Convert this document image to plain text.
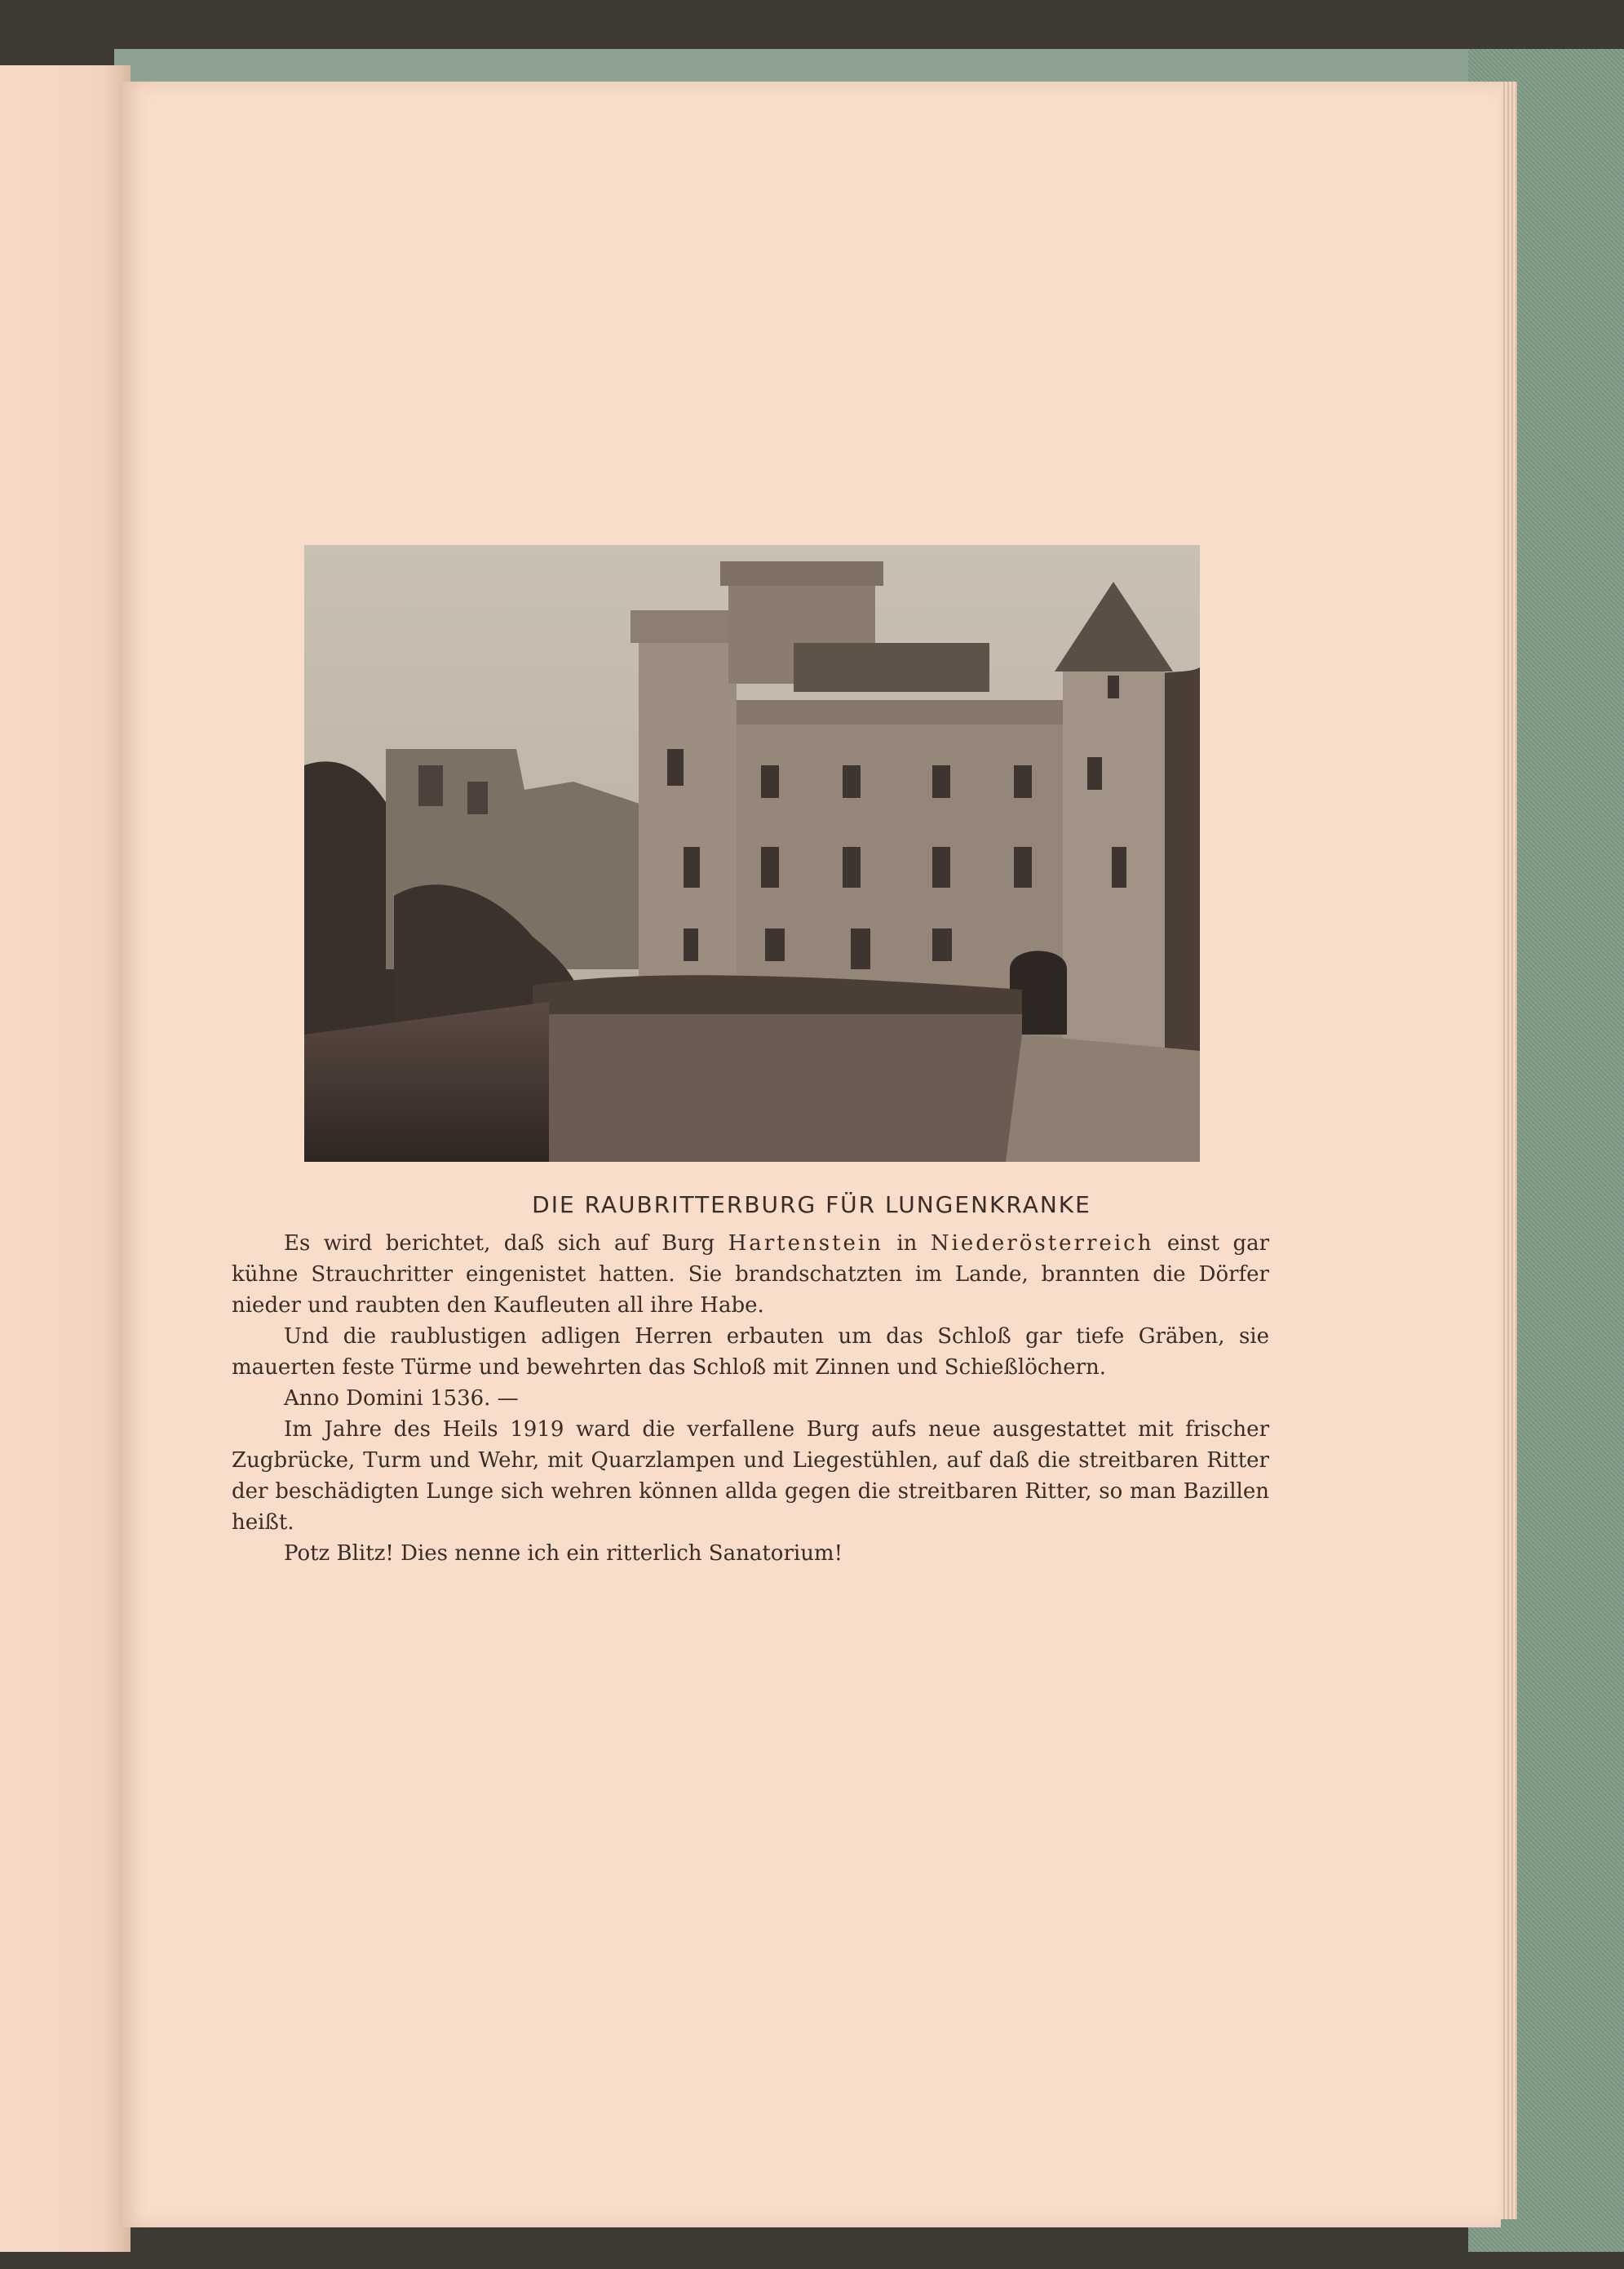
DIE RAUBRITTERBURG FÜR LUNGENKRANKE

Es wird berichtet, daß sich auf Burg Hartenstein in Niederösterreich einst gar kühne Strauchritter eingenistet hatten. Sie brandschatzten im Lande, brannten die Dörfer nieder und raubten den Kaufleuten all ihre Habe.

Und die raublustigen adligen Herren erbauten um das Schloß gar tiefe Gräben, sie mauerten feste Türme und bewehrten das Schloß mit Zinnen und Schießlöchern.

Anno Domini 1536. —

Im Jahre des Heils 1919 ward die verfallene Burg aufs neue ausgestattet mit frischer Zugbrücke, Turm und Wehr, mit Quarzlampen und Liegestühlen, auf daß die streitbaren Ritter der beschädigten Lunge sich wehren können allda gegen die streitbaren Ritter, so man Bazillen heißt.

Potz Blitz! Dies nenne ich ein ritterlich Sanatorium!
